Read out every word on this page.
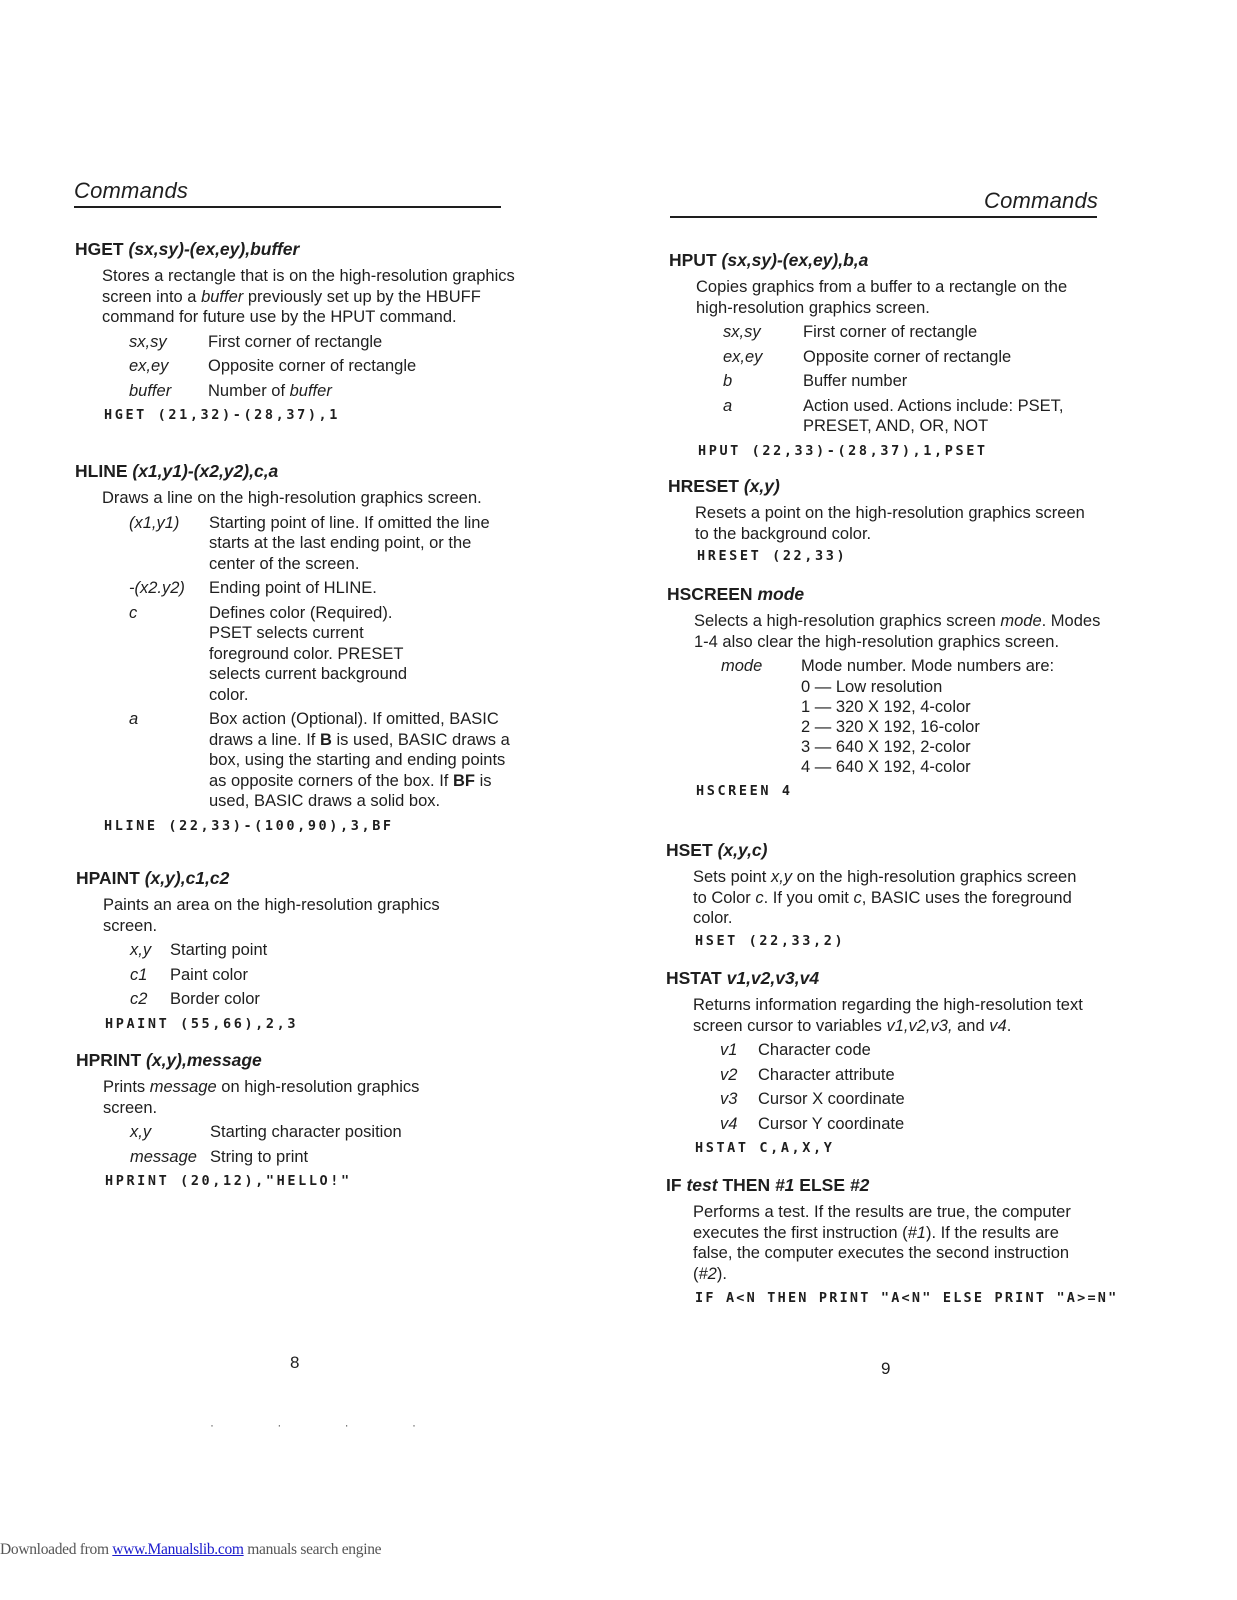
Commands
HGET (sx,sy)-(ex,ey),buffer
Stores a rectangle that is on the high-resolution graphics screen into a buffer previously set up by the HBUFF command for future use by the HPUT command.
sx,sy	First corner of rectangle
ex,ey	Opposite corner of rectangle
buffer	Number of buffer
HGET (21,32)-(28,37),1
HLINE (x1,y1)-(x2,y2),c,a
Draws a line on the high-resolution graphics screen.
(x1,y1)	Starting point of line. If omitted the line starts at the last ending point, or the center of the screen.
-(x2.y2)	Ending point of HLINE.
c	Defines color (Required). PSET selects current foreground color. PRESET selects current background color.
a	Box action (Optional). If omitted, BASIC draws a line. If B is used, BASIC draws a box, using the starting and ending points as opposite corners of the box. If BF is used, BASIC draws a solid box.
HLINE (22,33)-(100,90),3,BF
HPAINT (x,y),c1,c2
Paints an area on the high-resolution graphics screen.
x,y	Starting point
c1	Paint color
c2	Border color
HPAINT (55,66),2,3
HPRINT (x,y),message
Prints message on high-resolution graphics screen.
x,y	Starting character position
message	String to print
HPRINT (20,12),"HELLO!"
8
· · · ·
Commands
HPUT (sx,sy)-(ex,ey),b,a
Copies graphics from a buffer to a rectangle on the high-resolution graphics screen.
sx,sy	First corner of rectangle
ex,ey	Opposite corner of rectangle
b	Buffer number
a	Action used. Actions include: PSET, PRESET, AND, OR, NOT
HPUT (22,33)-(28,37),1,PSET
HRESET (x,y)
Resets a point on the high-resolution graphics screen to the background color.
HRESET (22,33)
HSCREEN mode
Selects a high-resolution graphics screen mode. Modes 1-4 also clear the high-resolution graphics screen.
mode	Mode number. Mode numbers are:
0 — Low resolution
1 — 320 X 192, 4-color
2 — 320 X 192, 16-color
3 — 640 X 192, 2-color
4 — 640 X 192, 4-color
HSCREEN 4
HSET (x,y,c)
Sets point x,y on the high-resolution graphics screen to Color c. If you omit c, BASIC uses the foreground color.
HSET (22,33,2)
HSTAT v1,v2,v3,v4
Returns information regarding the high-resolution text screen cursor to variables v1,v2,v3, and v4.
v1	Character code
v2	Character attribute
v3	Cursor X coordinate
v4	Cursor Y coordinate
HSTAT C,A,X,Y
IF test THEN #1 ELSE #2
Performs a test. If the results are true, the computer executes the first instruction (#1). If the results are false, the computer executes the second instruction (#2).
IF A<N THEN PRINT "A<N" ELSE PRINT "A>=N"
9
Downloaded from www.Manualslib.com manuals search engine
